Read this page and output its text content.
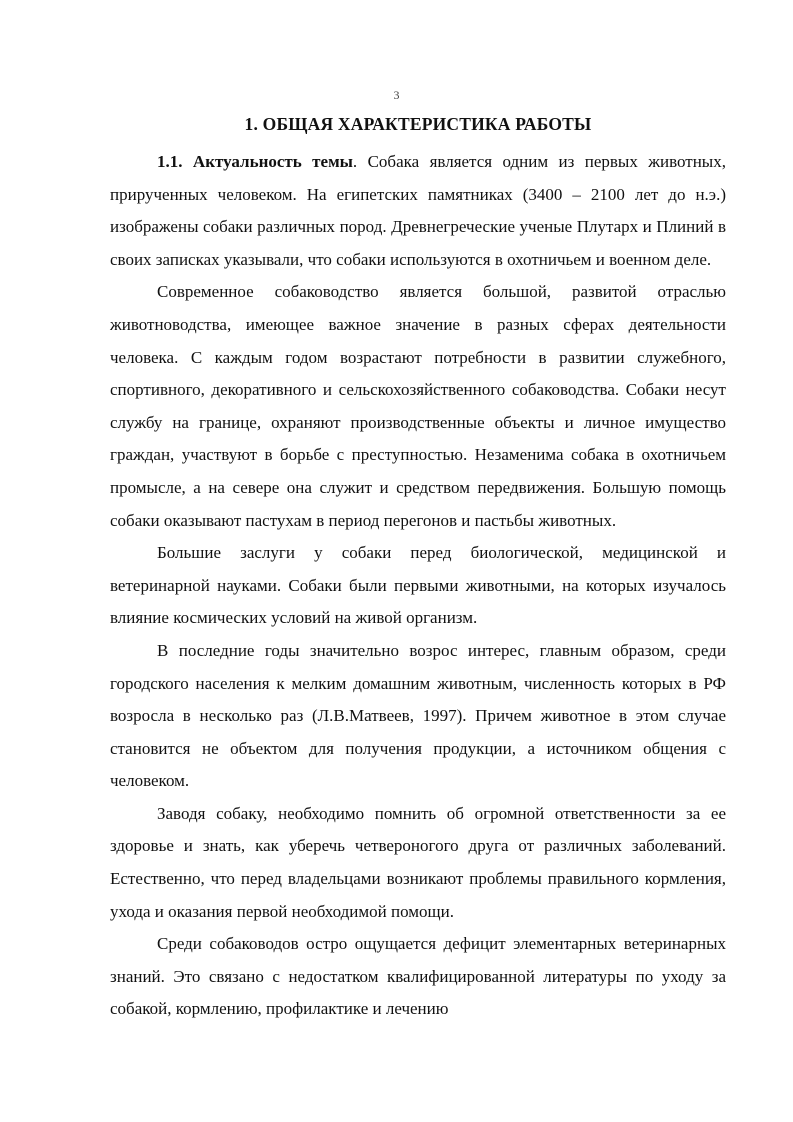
3
1. ОБЩАЯ ХАРАКТЕРИСТИКА РАБОТЫ

1.1. Актуальность темы. Собака является одним из первых животных, прирученных человеком. На египетских памятниках (3400 – 2100 лет до н.э.) изображены собаки различных пород. Древнегреческие ученые Плутарх и Плиний в своих записках указывали, что собаки используются в охотничьем и военном деле.

Современное собаководство является большой, развитой отраслью животноводства, имеющее важное значение в разных сферах деятельности человека. С каждым годом возрастают потребности в развитии служебного, спортивного, декоративного и сельскохозяйственного собаководства. Собаки несут службу на границе, охраняют производственные объекты и личное имущество граждан, участвуют в борьбе с преступностью. Незаменима собака в охотничьем промысле, а на севере она служит и средством передвижения. Большую помощь собаки оказывают пастухам в период перегонов и пастьбы животных.

Большие заслуги у собаки перед биологической, медицинской и ветеринарной науками. Собаки были первыми животными, на которых изучалось влияние космических условий на живой организм.

В последние годы значительно возрос интерес, главным образом, среди городского населения к мелким домашним животным, численность которых в РФ возросла в несколько раз (Л.В.Матвеев, 1997). Причем животное в этом случае становится не объектом для получения продукции, а источником общения с человеком.

Заводя собаку, необходимо помнить об огромной ответственности за ее здоровье и знать, как уберечь четвероногого друга от различных заболеваний. Естественно, что перед владельцами возникают проблемы правильного кормления, ухода и оказания первой необходимой помощи.

Среди собаководов остро ощущается дефицит элементарных ветеринарных знаний. Это связано с недостатком квалифицированной литературы по уходу за собакой, кормлению, профилактике и лечению
